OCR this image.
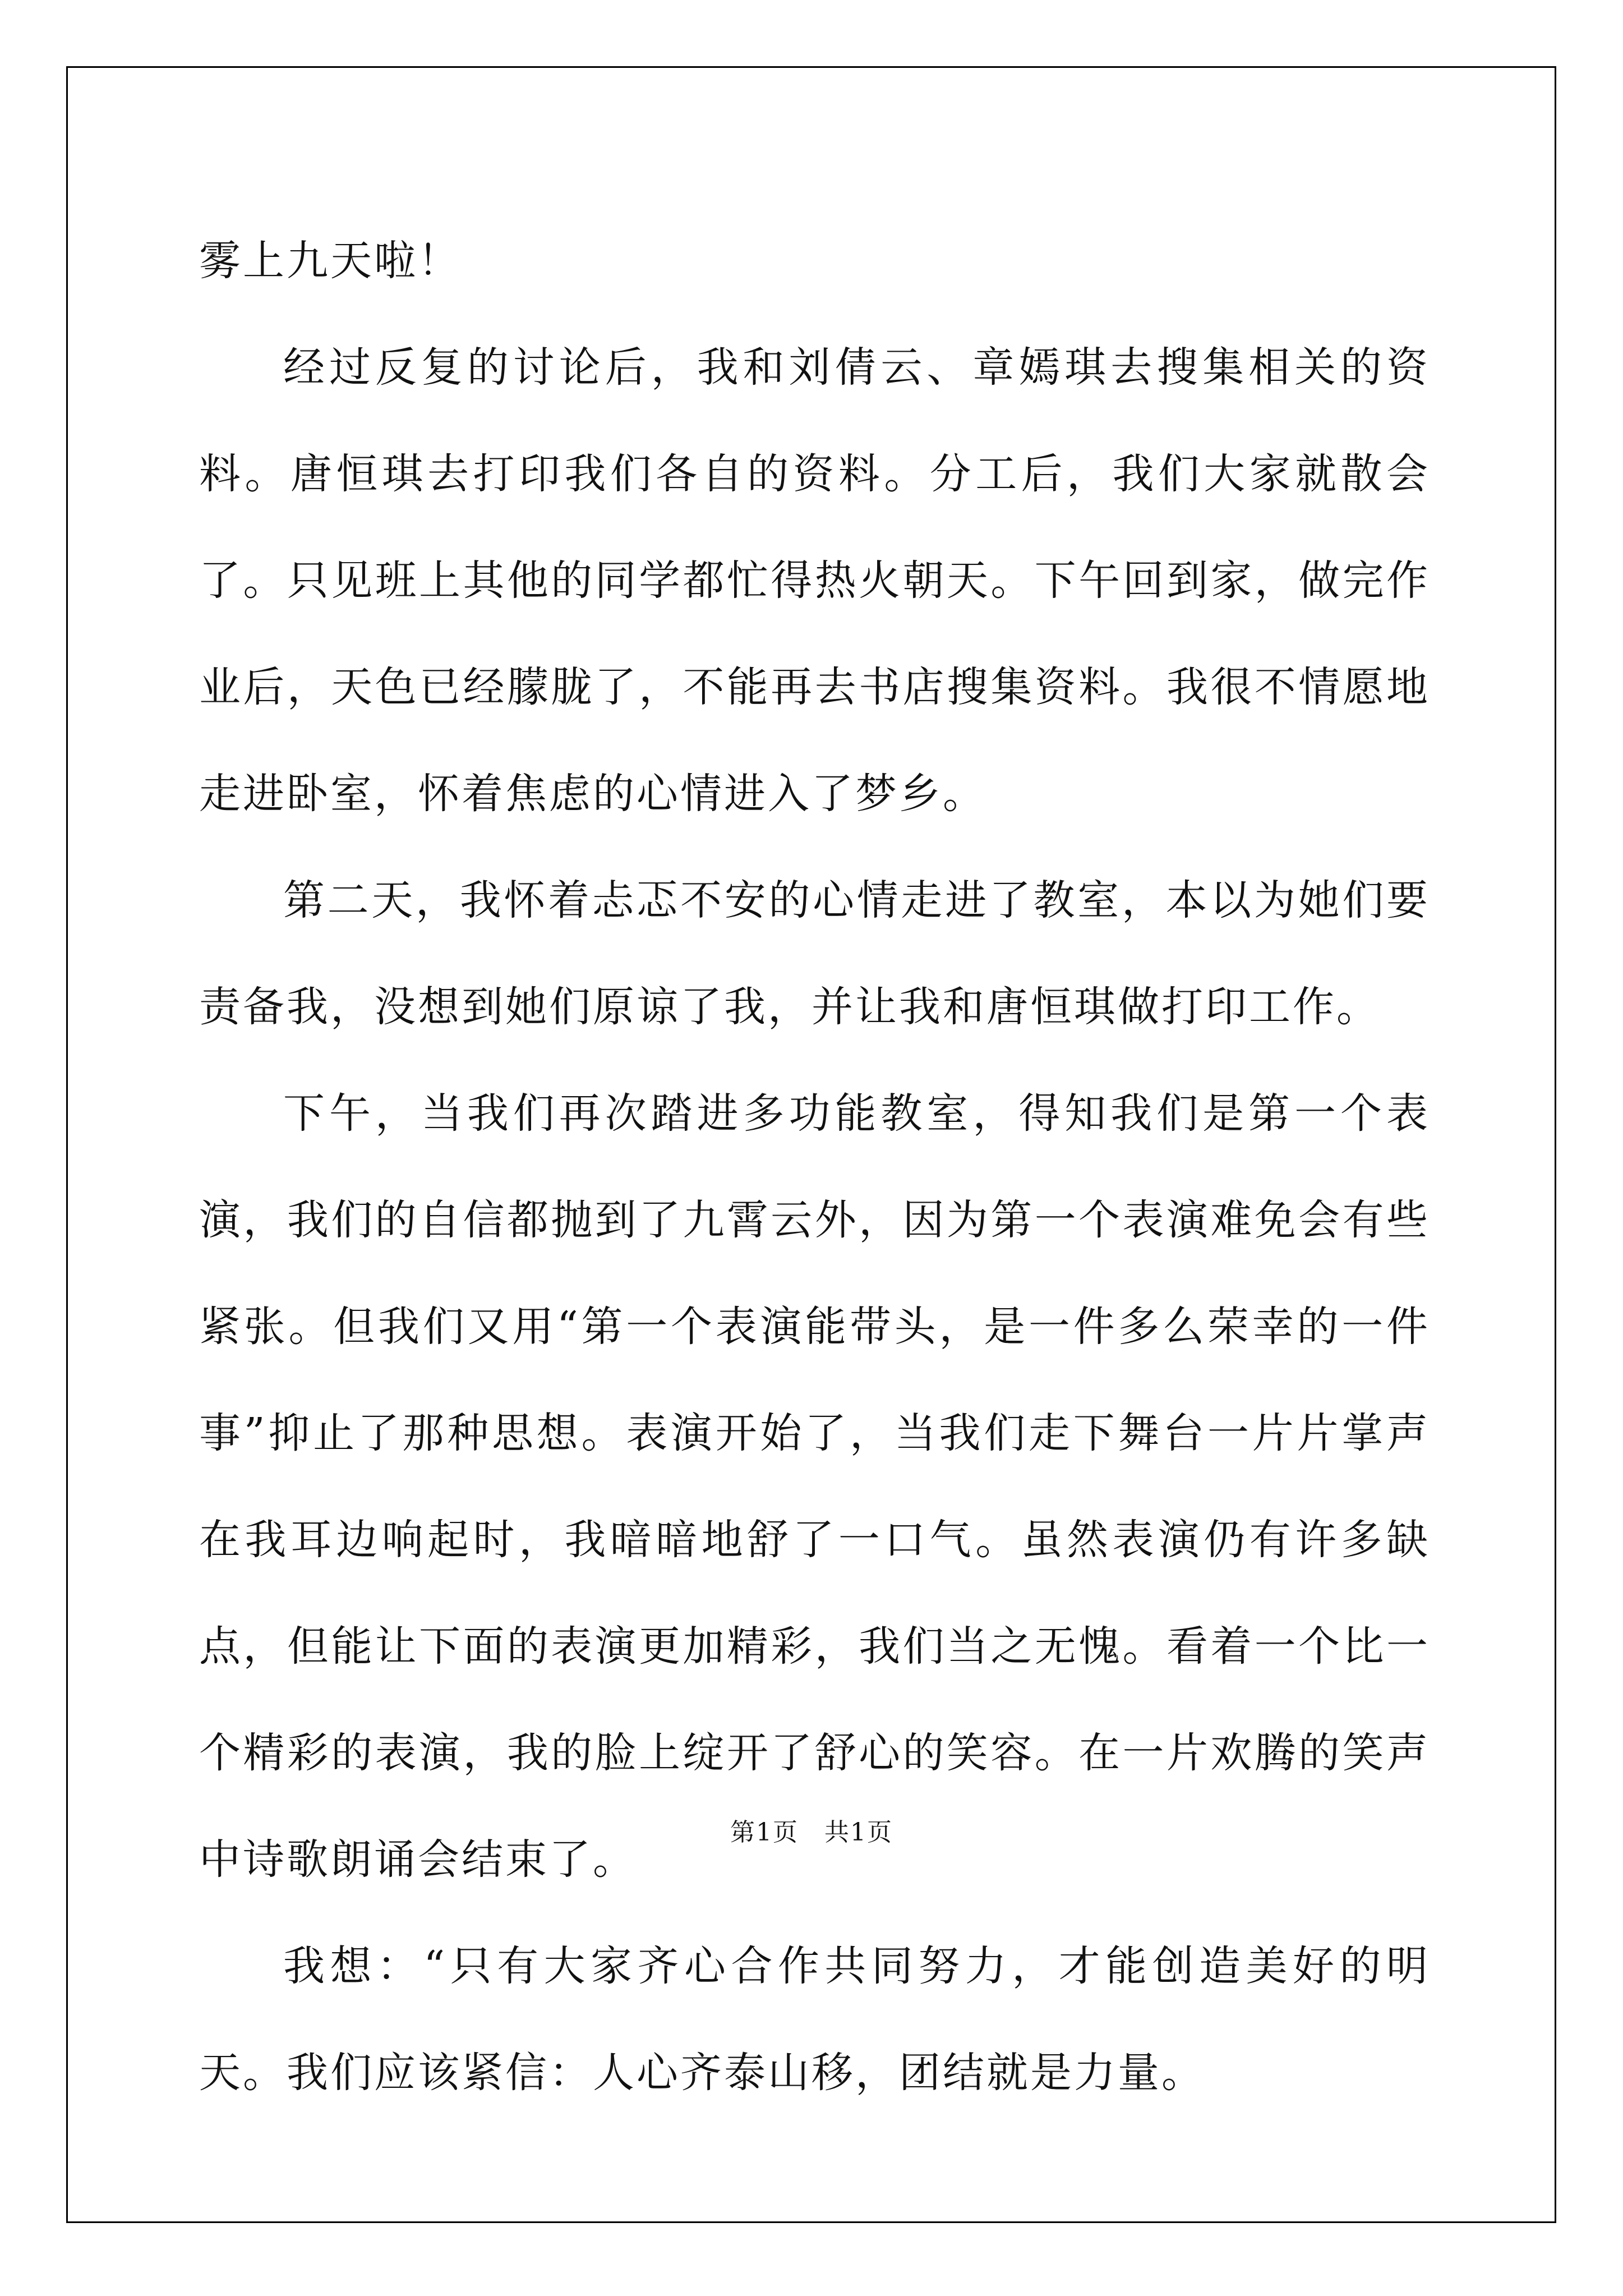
雾上九天啦！

经过反复的讨论后，我和刘倩云、章嫣琪去搜集相关的资料。唐恒琪去打印我们各自的资料。分工后，我们大家就散会了。只见班上其他的同学都忙得热火朝天。下午回到家，做完作业后，天色已经朦胧了，不能再去书店搜集资料。我很不情愿地走进卧室，怀着焦虑的心情进入了梦乡。

第二天，我怀着忐忑不安的心情走进了教室，本以为她们要责备我，没想到她们原谅了我，并让我和唐恒琪做打印工作。

下午，当我们再次踏进多功能教室，得知我们是第一个表演，我们的自信都抛到了九霄云外，因为第一个表演难免会有些紧张。但我们又用“第一个表演能带头，是一件多么荣幸的一件事”抑止了那种思想。表演开始了，当我们走下舞台一片片掌声在我耳边响起时，我暗暗地舒了一口气。虽然表演仍有许多缺点，但能让下面的表演更加精彩，我们当之无愧。看着一个比一个精彩的表演，我的脸上绽开了舒心的笑容。在一片欢腾的笑声中诗歌朗诵会结束了。

我想：“只有大家齐心合作共同努力，才能创造美好的明天。我们应该紧信：人心齐泰山移，团结就是力量。

第1页　共1页
